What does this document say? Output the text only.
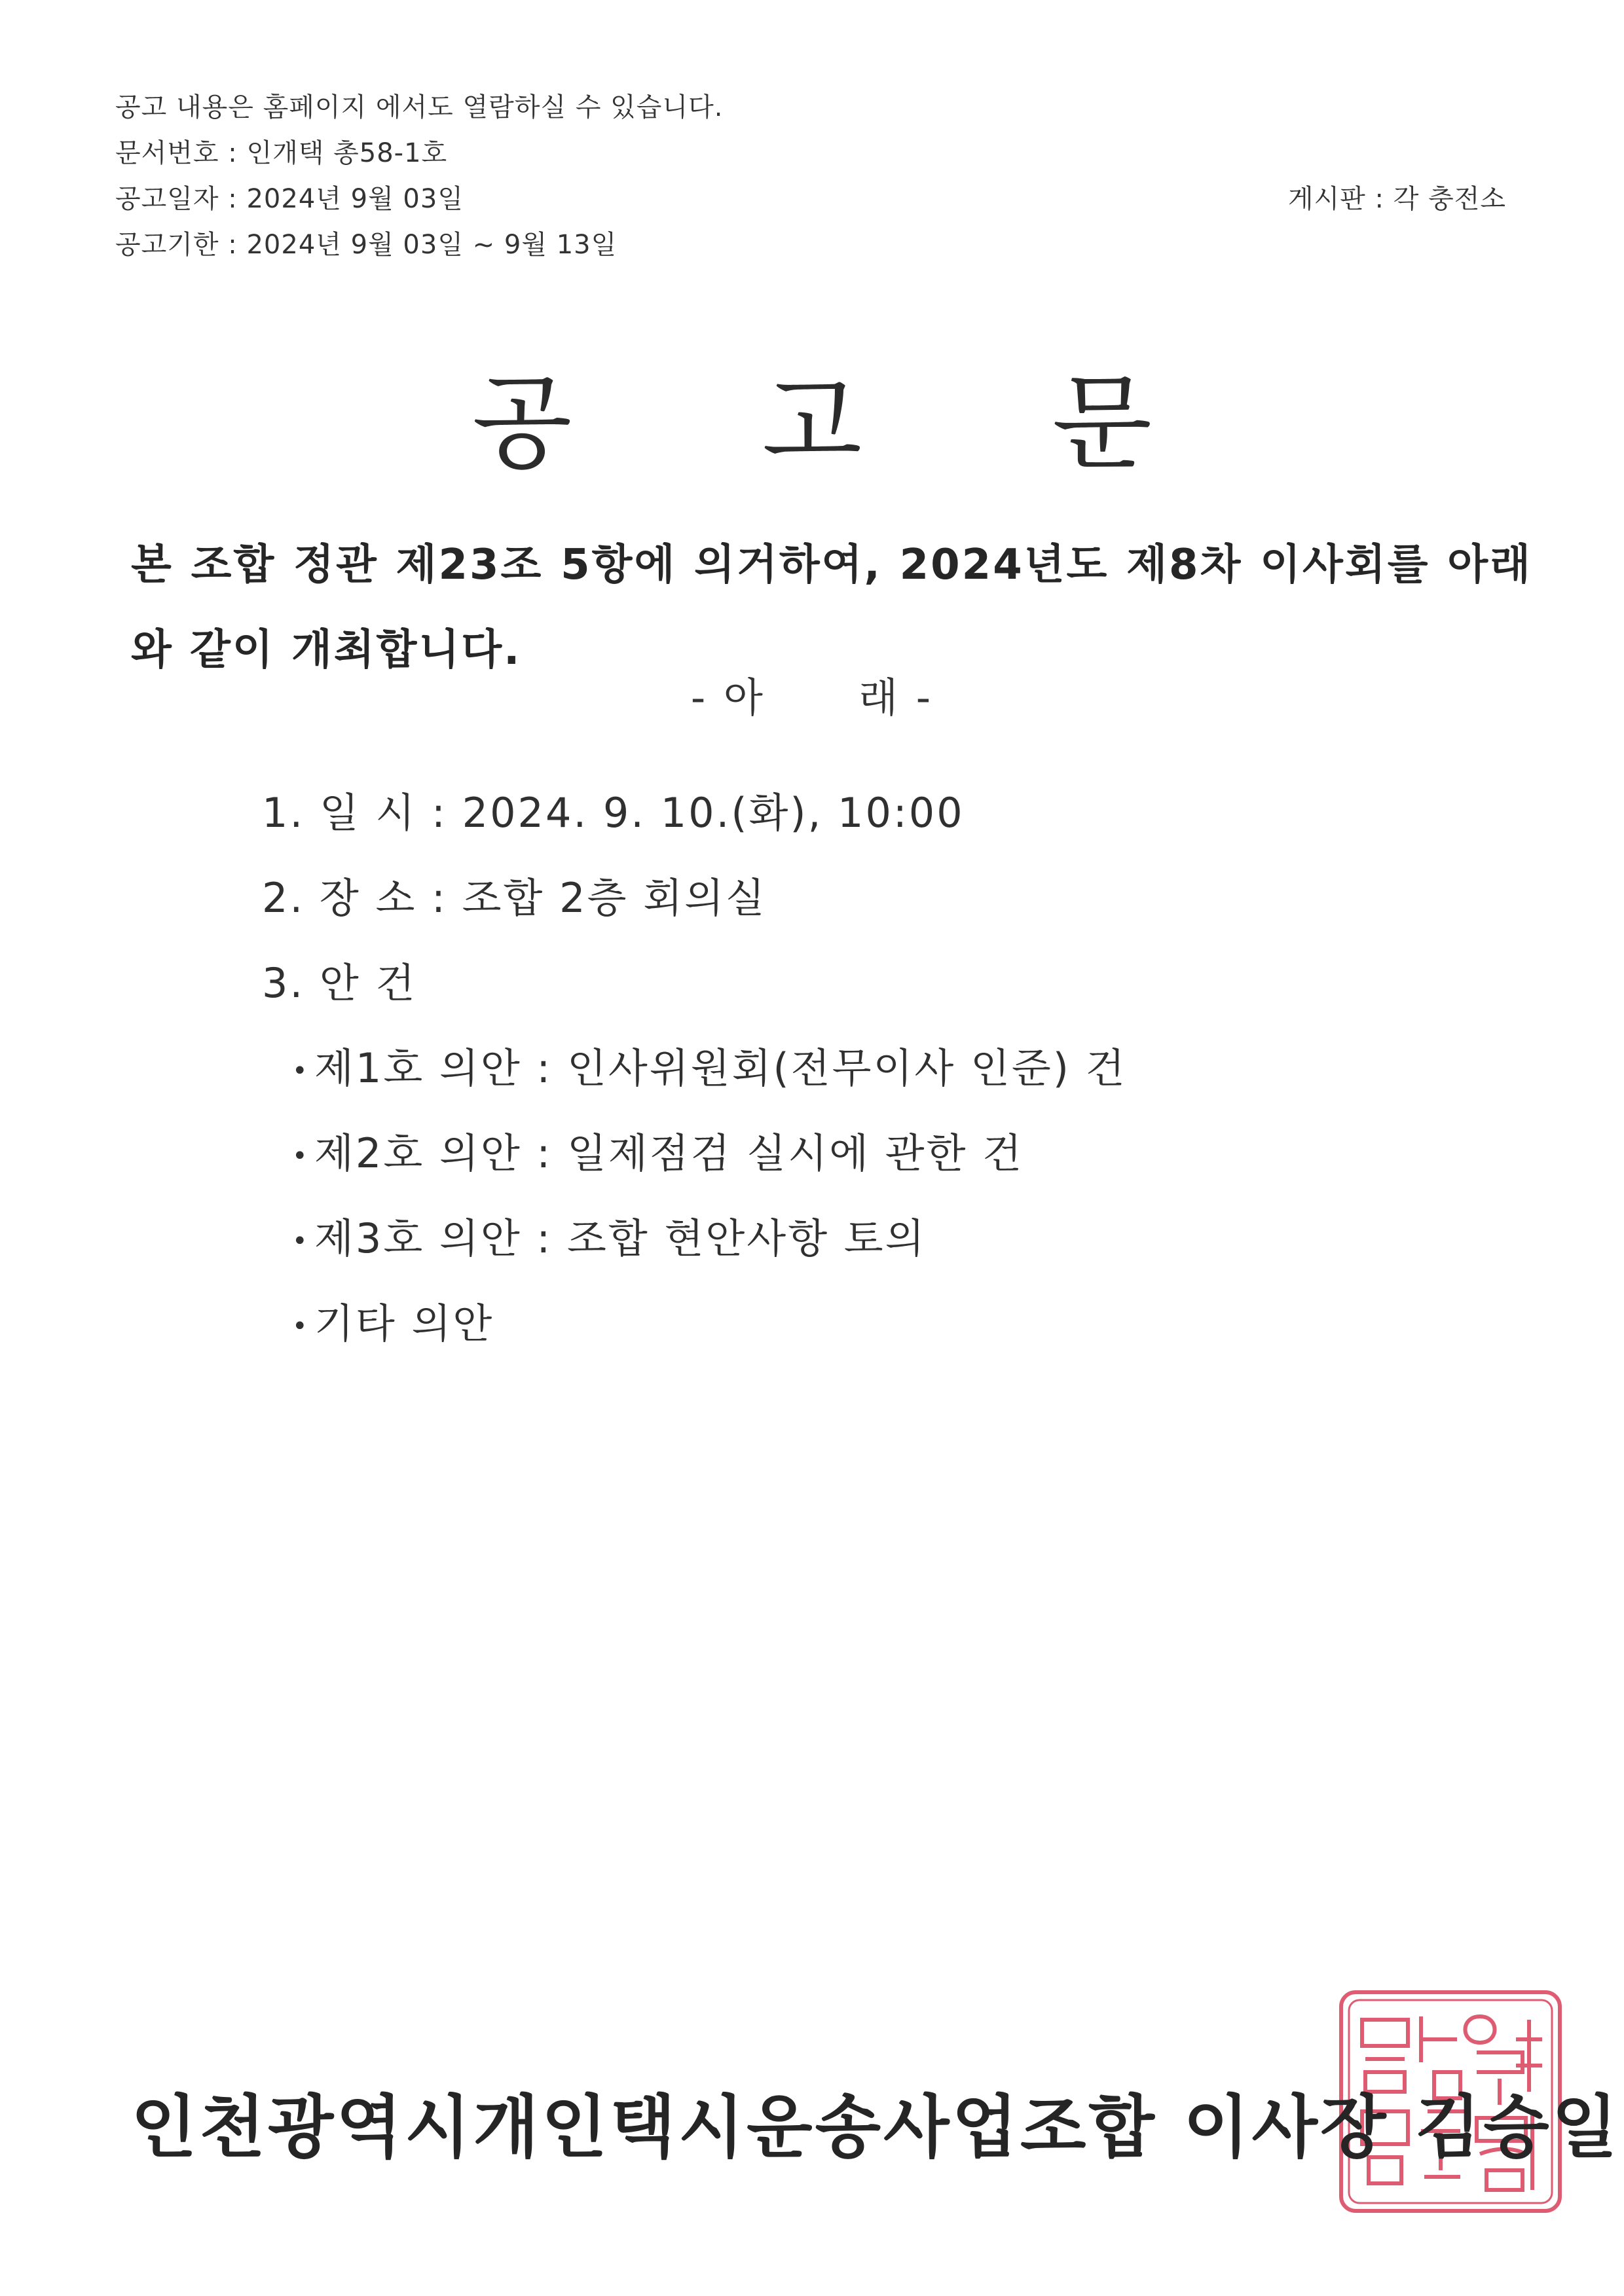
공고 내용은 홈페이지 에서도 열람하실 수 있습니다.
문서번호 : 인개택 총58-1호
공고일자 : 2024년 9월 03일
공고기한 : 2024년 9월 03일 ~ 9월 13일
게시판 : 각 충전소
공 고 문
본 조합 정관 제23조 5항에 의거하여, 2024년도 제8차 이사회를 아래와 같이 개최합니다.
- 아      래 -
1. 일 시 : 2024. 9. 10.(화), 10:00
2. 장 소 : 조합 2층 회의실
3. 안 건
• 제1호 의안 : 인사위원회(전무이사 인준) 건
• 제2호 의안 : 일제점검 실시에 관한 건
• 제3호 의안 : 조합 현안사항 토의
• 기타 의안
인천광역시개인택시운송사업조합 이사장 김승일
